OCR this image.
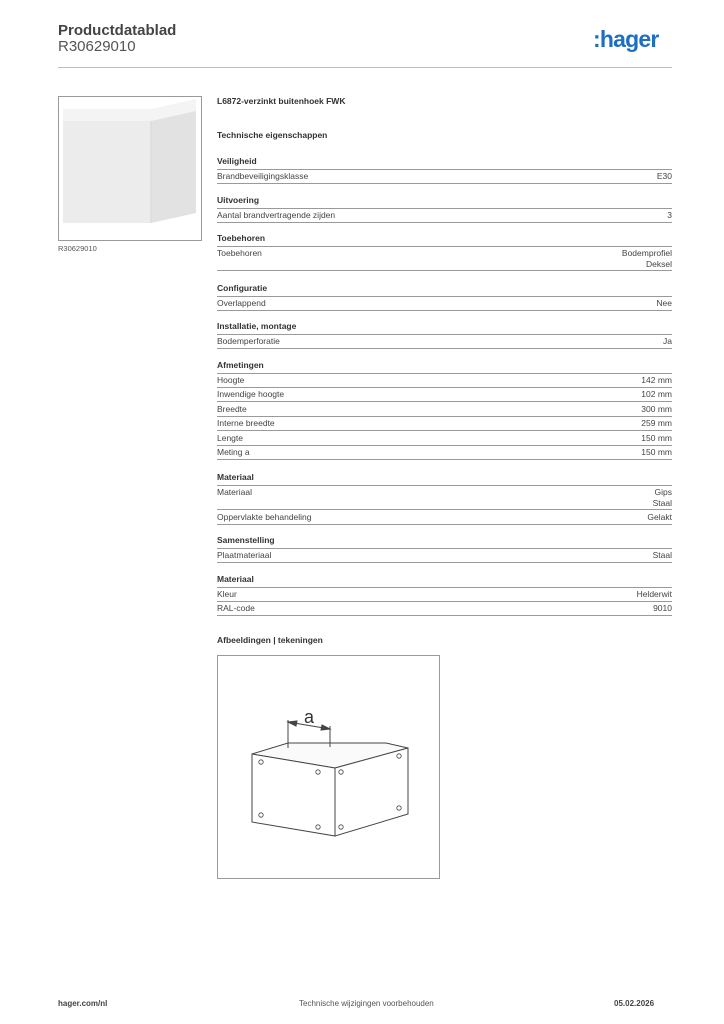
Productdatablad
R30629010	:hager
R30629010
L6872-verzinkt buitenhoek FWK
Technische eigenschappen
Veiligheid
Brandbeveiligingsklasse	E30
Uitvoering
Aantal brandvertragende zijden	3
Toebehoren
Toebehoren	Bodemprofiel
Deksel
Configuratie
Overlappend	Nee
Installatie, montage
Bodemperforatie	Ja
Afmetingen
Hoogte	142 mm
Inwendige hoogte	102 mm
Breedte	300 mm
Interne breedte	259 mm
Lengte	150 mm
Meting a	150 mm
Materiaal
Materiaal	Gips
Staal
Oppervlakte behandeling	Gelakt
Samenstelling
Plaatmateriaal	Staal
Materiaal
Kleur	Helderwit
RAL-code	9010
Afbeeldingen | tekeningen
a
hager.com/nl	Technische wijzigingen voorbehouden	05.02.2026
